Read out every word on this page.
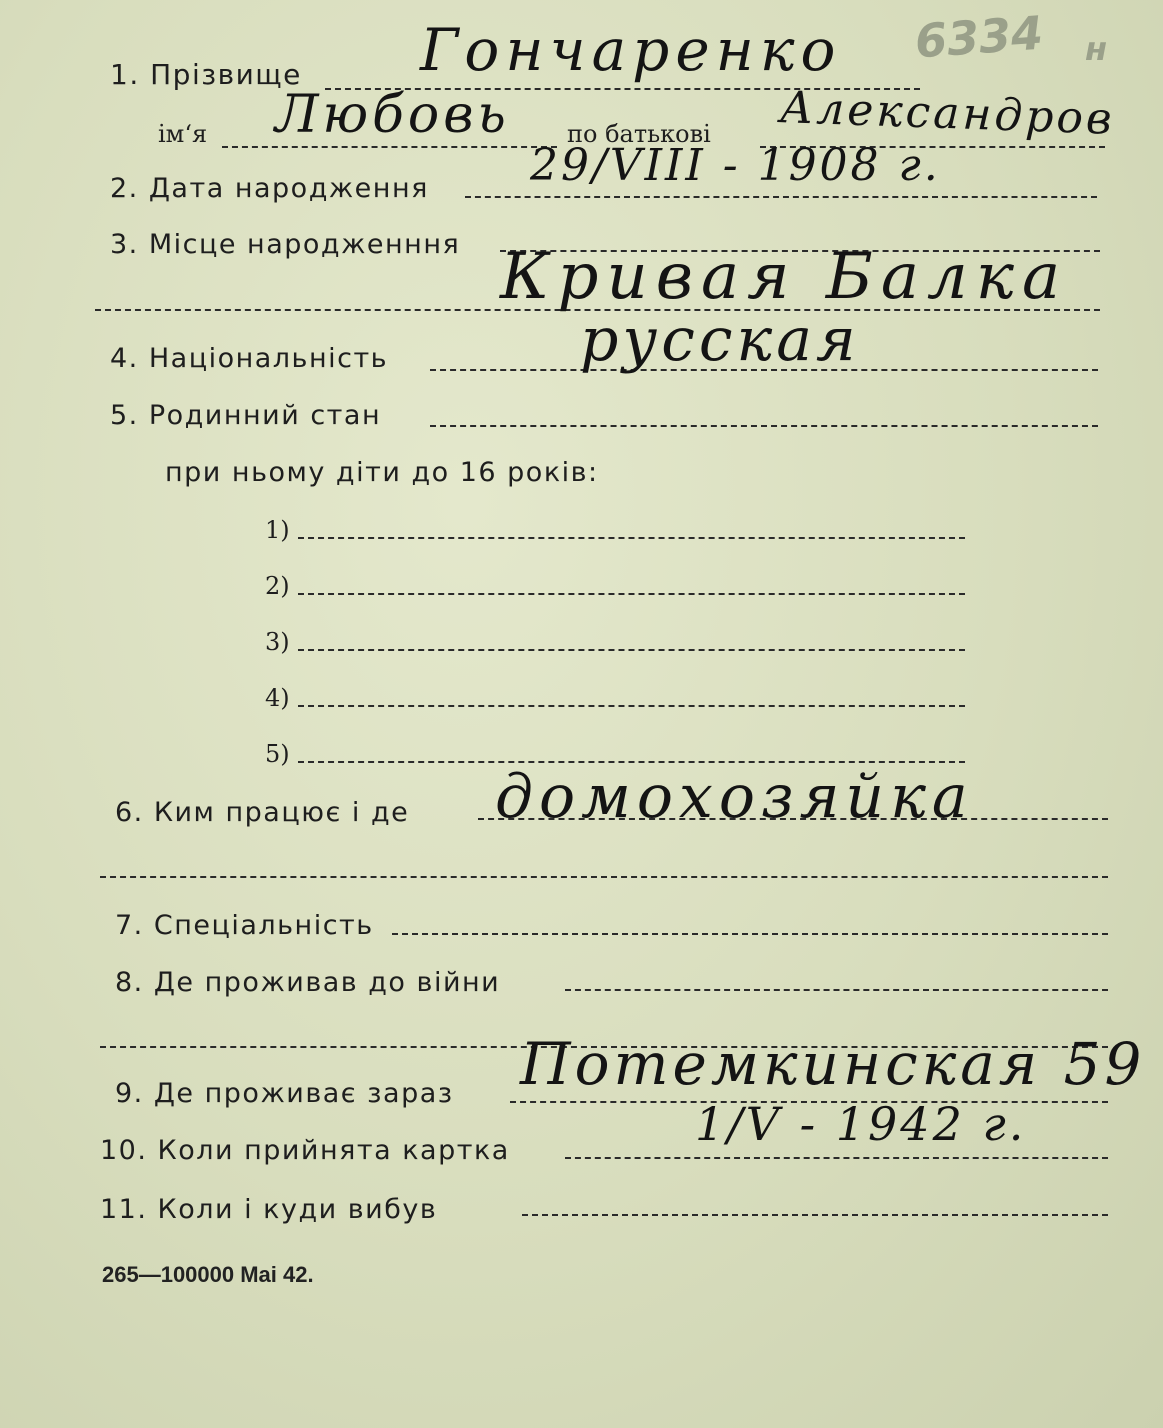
6334 н
1. Прізвище Гончаренко
ім‘я Любовь по батькові Александров
2. Дата народження 29/VIII - 1908 г.
3. Місце народженння Кривая Балка
4. Національність	русская
5. Родинний стан
при ньому діти до 16 років:
1)
2)
3)
4)
5)
6. Ким працює і де домохозяйка
7. Спеціальність
8. Де проживав до війни
9. Де проживає зараз Потемкинская 59
10. Коли прийнята картка	1/V - 1942 г.
11. Коли і куди вибув
265—100000 Mai 42.
